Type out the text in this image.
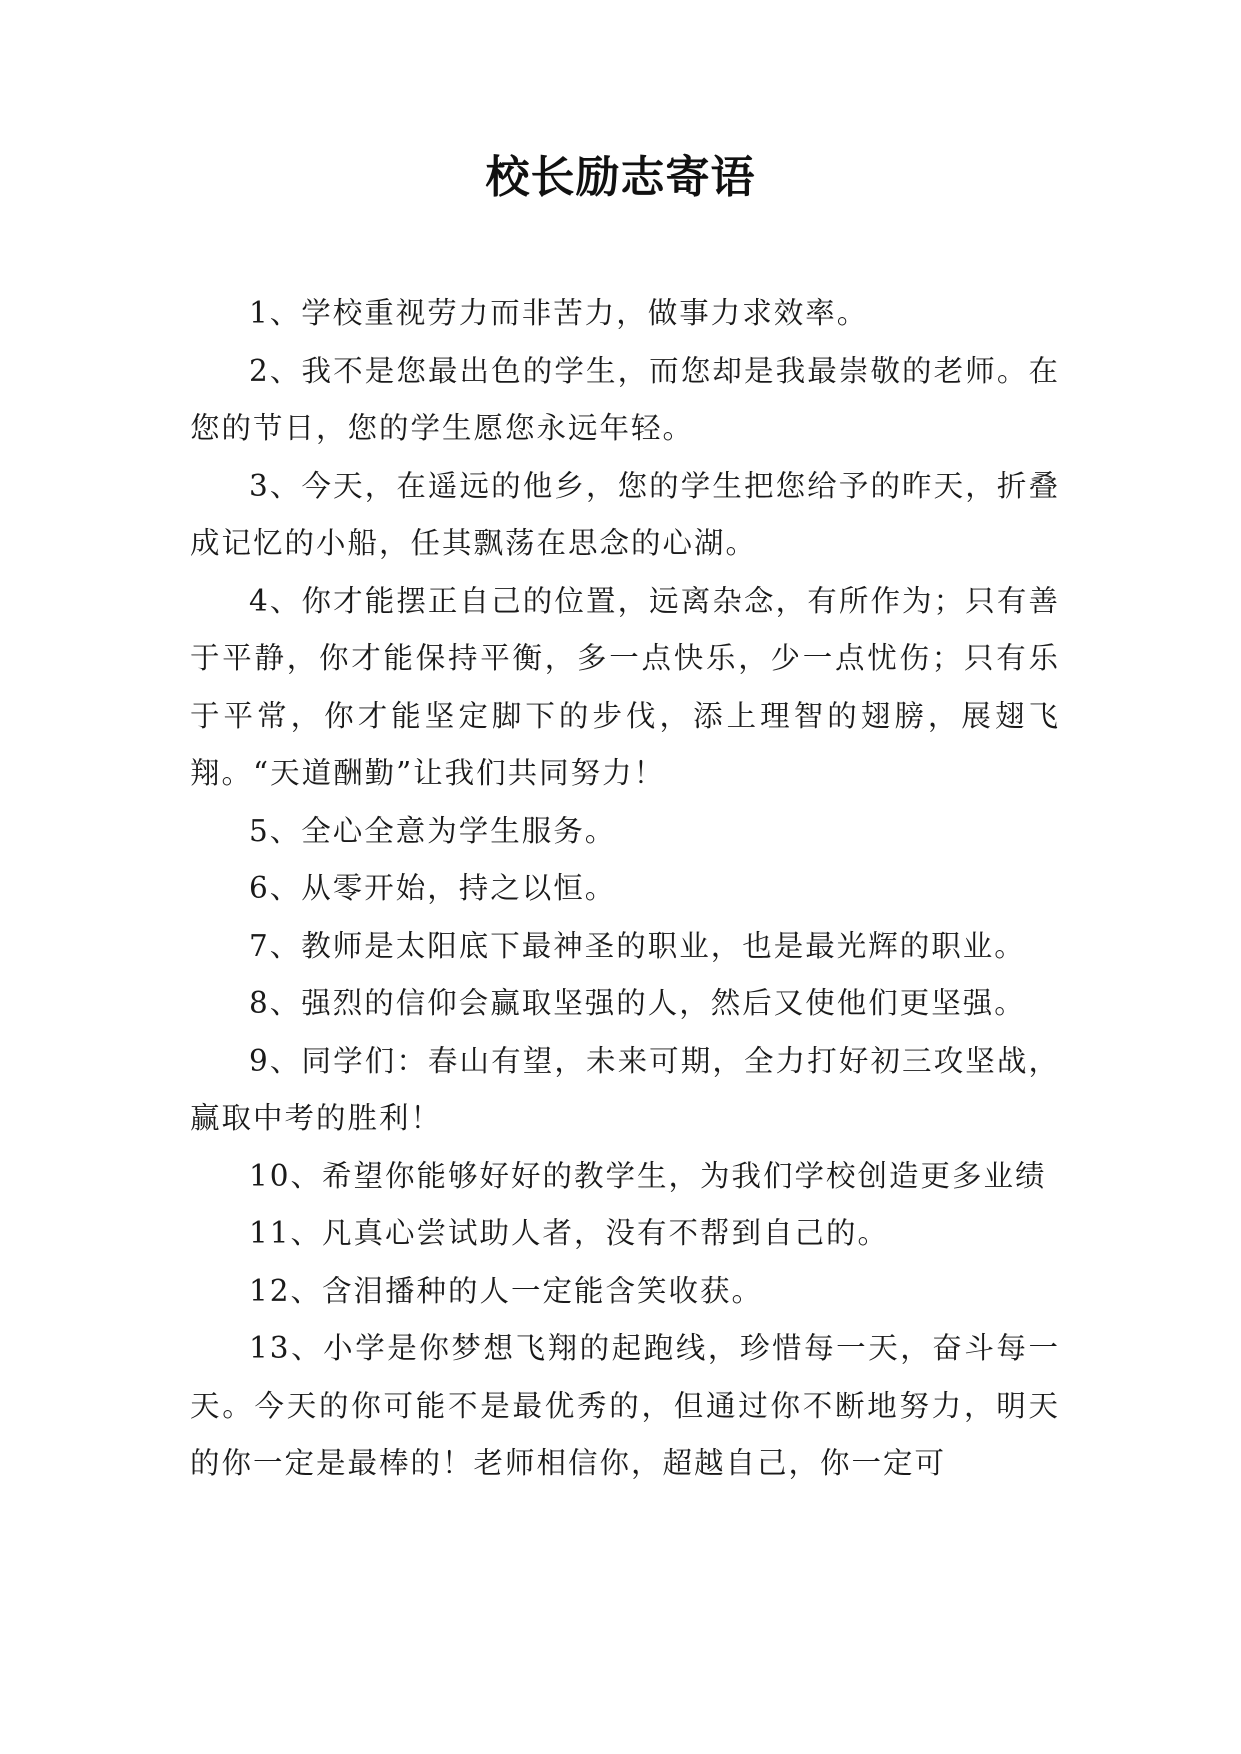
校长励志寄语

1、学校重视劳力而非苦力，做事力求效率。

2、我不是您最出色的学生，而您却是我最崇敬的老师。在您的节日，您的学生愿您永远年轻。

3、今天，在遥远的他乡，您的学生把您给予的昨天，折叠成记忆的小船，任其飘荡在思念的心湖。

4、你才能摆正自己的位置，远离杂念，有所作为；只有善于平静，你才能保持平衡，多一点快乐，少一点忧伤；只有乐于平常，你才能坚定脚下的步伐，添上理智的翅膀，展翅飞翔。“天道酬勤”让我们共同努力！

5、全心全意为学生服务。

6、从零开始，持之以恒。

7、教师是太阳底下最神圣的职业，也是最光辉的职业。

8、强烈的信仰会赢取坚强的人，然后又使他们更坚强。

9、同学们：春山有望，未来可期，全力打好初三攻坚战，赢取中考的胜利！

10、希望你能够好好的教学生，为我们学校创造更多业绩

11、凡真心尝试助人者，没有不帮到自己的。

12、含泪播种的人一定能含笑收获。

13、小学是你梦想飞翔的起跑线，珍惜每一天，奋斗每一天。今天的你可能不是最优秀的，但通过你不断地努力，明天的你一定是最棒的！老师相信你，超越自己，你一定可
